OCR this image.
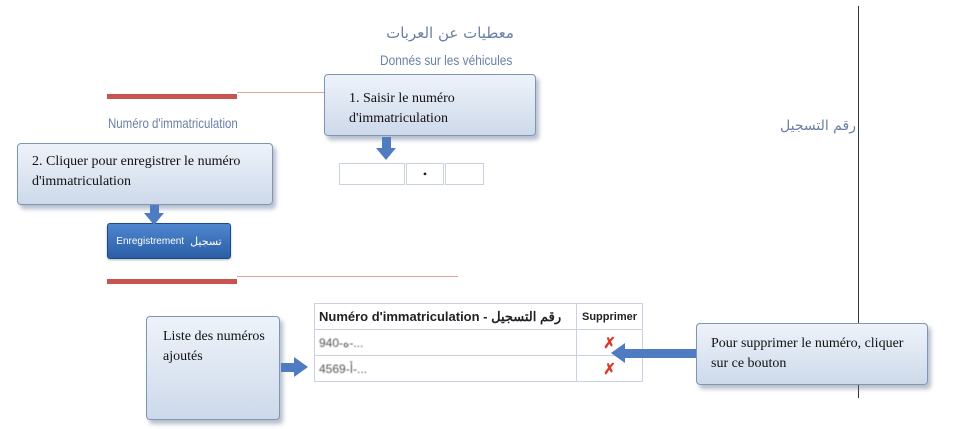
معطيات عن العربات
Donnés sur les véhicules
Numéro d'immatriculation	رقم التسجيل
•
Enregistrement تسجيل
1. Saisir le numéro d'immatriculation
2. Cliquer pour enregistrer le numéro d'immatriculation
Numéro d'immatriculation - رقم التسجيل	Supprimer
940-ه-...	✗
4569-أ-...	✗
Liste des numéros ajoutés
Pour supprimer le numéro, cliquer sur ce bouton
